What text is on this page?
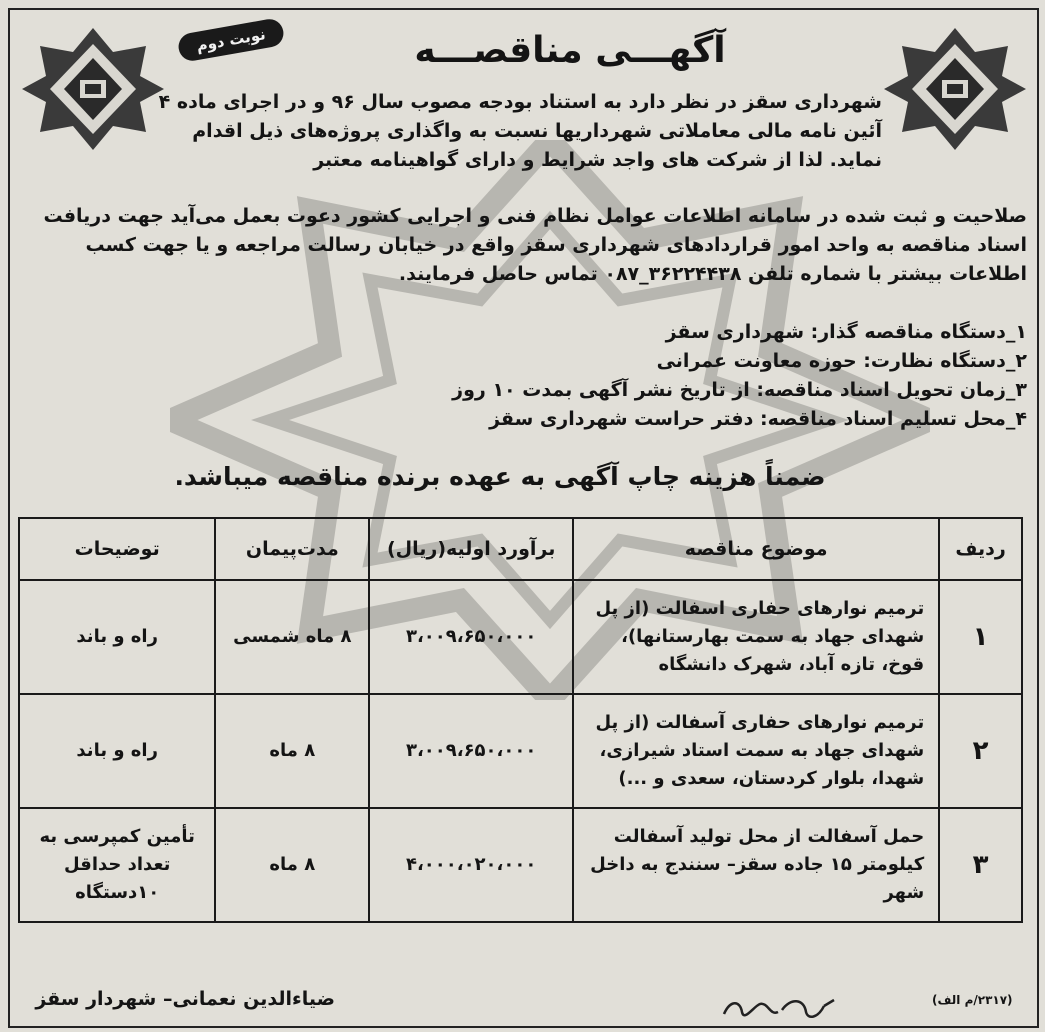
نوبت دوم	آگهـــی مناقصـــه
شهرداری سقز در نظر دارد به استناد بودجه مصوب سال ۹۶ و در اجرای ماده ۴ آئین نامه مالی معاملاتی شهرداریها نسبت به واگذاری پروژه‌های ذیل اقدام نماید. لذا از شرکت های واجد شرایط و دارای گواهینامه معتبر
صلاحیت و ثبت شده در سامانه اطلاعات عوامل نظام فنی و اجرایی کشور دعوت بعمل می‌آید جهت دریافت اسناد مناقصه به واحد امور قراردادهای شهرداری سقز واقع در خیابان رسالت مراجعه و یا جهت کسب اطلاعات بیشتر با شماره تلفن ۳۶۲۲۴۴۳۸_۰۸۷ تماس حاصل فرمایند.
۱_دستگاه مناقصه گذار: شهرداری سقز
۲_دستگاه نظارت: حوزه معاونت عمرانی
۳_زمان تحویل اسناد مناقصه: از تاریخ نشر آگهی بمدت ۱۰ روز
۴_محل تسلیم اسناد مناقصه: دفتر حراست شهرداری سقز
ضمناً هزینه چاپ آگهی به عهده برنده مناقصه میباشد.
ردیف	موضوع مناقصه	برآورد اولیه(ریال)	مدت‌پیمان	توضیحات
۱	ترمیم نوارهای حفاری اسفالت (از پل شهدای جهاد به سمت بهارستانها)، قوخ، تازه آباد، شهرک دانشگاه	۳،۰۰۹،۶۵۰،۰۰۰	۸ ماه شمسی	راه و باند
۲	ترمیم نوارهای حفاری آسفالت (از پل شهدای جهاد به سمت استاد شیرازی، شهدا، بلوار کردستان، سعدی و ...)	۳،۰۰۹،۶۵۰،۰۰۰	۸ ماه	راه و باند
۳	حمل آسفالت از محل تولید آسفالت کیلومتر ۱۵ جاده سقز– سنندج به داخل شهر	۴،۰۰۰،۰۲۰،۰۰۰	۸ ماه	تأمین کمپرسی به تعداد حداقل ۱۰دستگاه
ضیاءالدین نعمانی– شهردار سقز	(۲۳۱۷/م الف)
